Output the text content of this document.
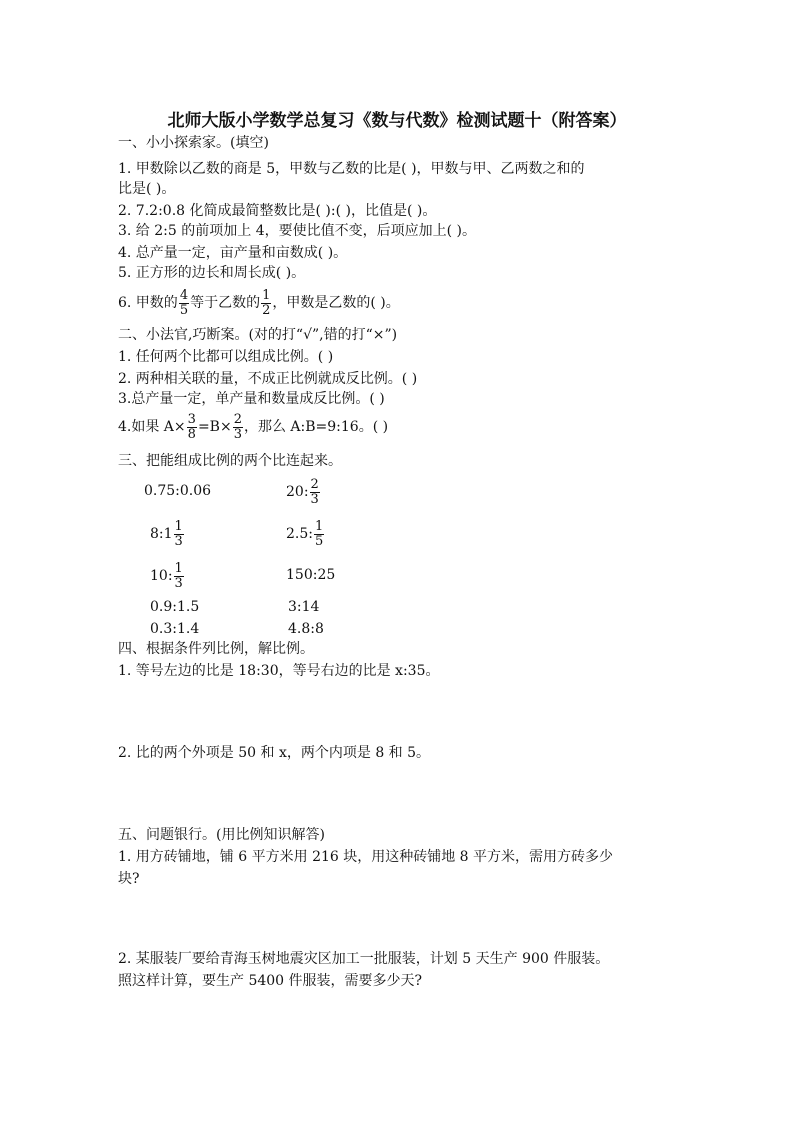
北师大版小学数学总复习《数与代数》检测试题十（附答案）
一、小小探索家。(填空)
1. 甲数除以乙数的商是 5，甲数与乙数的比是( )，甲数与甲、乙两数之和的
比是( )。
2. 7.2:0.8 化简成最简整数比是( ):( )，比值是( )。
3. 给 2:5 的前项加上 4，要使比值不变，后项应加上( )。
4. 总产量一定，亩产量和亩数成( )。
5. 正方形的边长和周长成( )。
6. 甲数的 $\frac{4}{5}$ 等于乙数的 $\frac{1}{2}$ ，甲数是乙数的( )。
二、小法官,巧断案。(对的打“√”,错的打“×”)
1. 任何两个比都可以组成比例。( )
2. 两种相关联的量，不成正比例就成反比例。( )
3.总产量一定，单产量和数量成反比例。( )
4.如果 $A\times \frac{3}{8} =B\times \frac{2}{3}$ ，那么 A:B=9:16。( )
三、把能组成比例的两个比连起来。
0.75:0.06
8:1 $\frac{1}{3}$
10: $\frac{1}{3}$
0.9:1.5
0.3:1.4
20: $\frac{2}{3}$
2.5: $\frac{1}{5}$
150:25
3:14
4.8:8
四、根据条件列比例，解比例。
1. 等号左边的比是 18:30，等号右边的比是 x:35。
2. 比的两个外项是 50 和 x，两个内项是 8 和 5。
五、问题银行。(用比例知识解答)
1. 用方砖铺地，铺 6 平方米用 216 块，用这种砖铺地 8 平方米，需用方砖多少
块?
2. 某服装厂要给青海玉树地震灾区加工一批服装，计划 5 天生产 900 件服装。
照这样计算，要生产 5400 件服装，需要多少天?
